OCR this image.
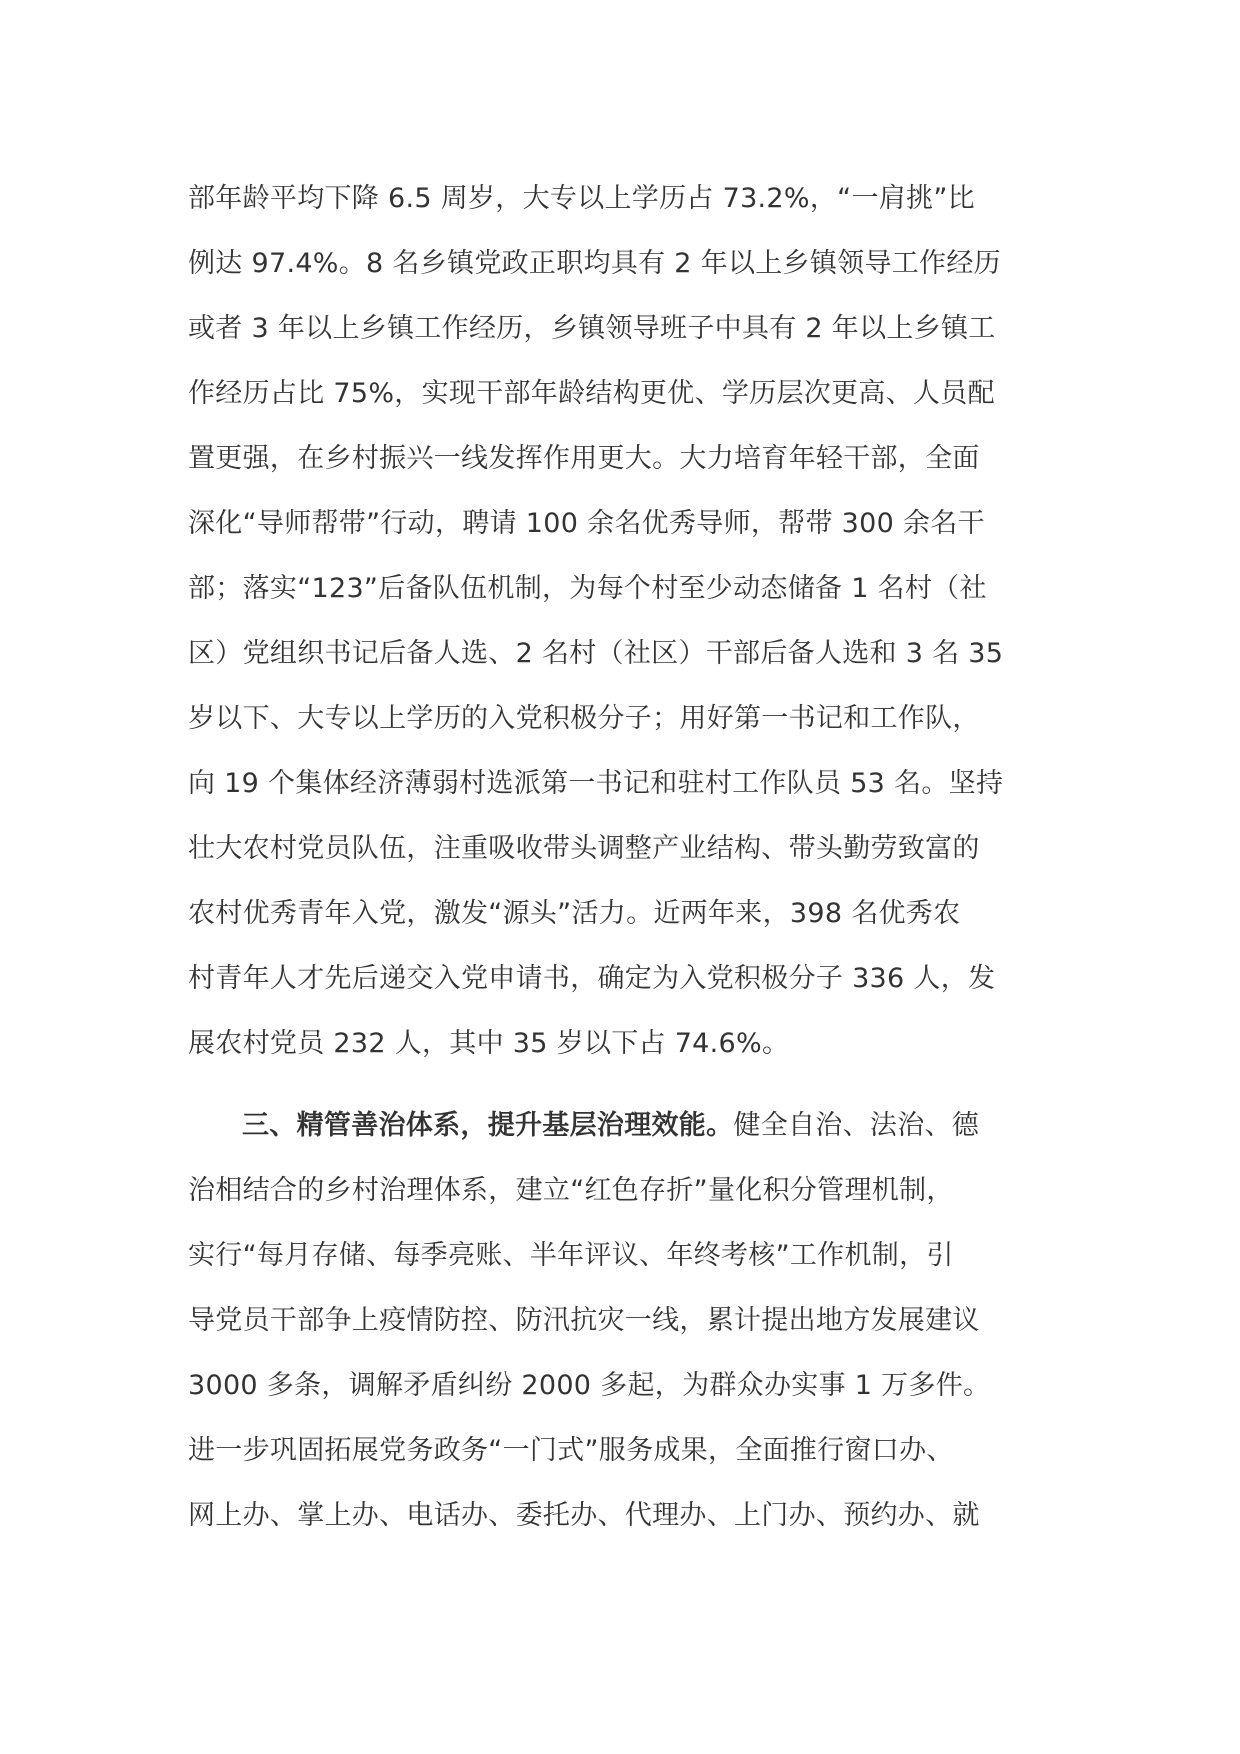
部年龄平均下降 6.5 周岁，大专以上学历占 73.2%，“一肩挑”比
例达 97.4%。8 名乡镇党政正职均具有 2 年以上乡镇领导工作经历
或者 3 年以上乡镇工作经历，乡镇领导班子中具有 2 年以上乡镇工
作经历占比 75%，实现干部年龄结构更优、学历层次更高、人员配
置更强，在乡村振兴一线发挥作用更大。大力培育年轻干部，全面
深化“导师帮带”行动，聘请 100 余名优秀导师，帮带 300 余名干
部；落实“123”后备队伍机制，为每个村至少动态储备 1 名村（社
区）党组织书记后备人选、2 名村（社区）干部后备人选和 3 名 35
岁以下、大专以上学历的入党积极分子；用好第一书记和工作队，
向 19 个集体经济薄弱村选派第一书记和驻村工作队员 53 名。坚持
壮大农村党员队伍，注重吸收带头调整产业结构、带头勤劳致富的
农村优秀青年入党，激发“源头”活力。近两年来，398 名优秀农
村青年人才先后递交入党申请书，确定为入党积极分子 336 人，发
展农村党员 232 人，其中 35 岁以下占 74.6%。
三、精管善治体系，提升基层治理效能。健全自治、法治、德
治相结合的乡村治理体系，建立“红色存折”量化积分管理机制，
实行“每月存储、每季亮账、半年评议、年终考核”工作机制，引
导党员干部争上疫情防控、防汛抗灾一线，累计提出地方发展建议
3000 多条，调解矛盾纠纷 2000 多起，为群众办实事 1 万多件。
进一步巩固拓展党务政务“一门式”服务成果，全面推行窗口办、
网上办、掌上办、电话办、委托办、代理办、上门办、预约办、就
